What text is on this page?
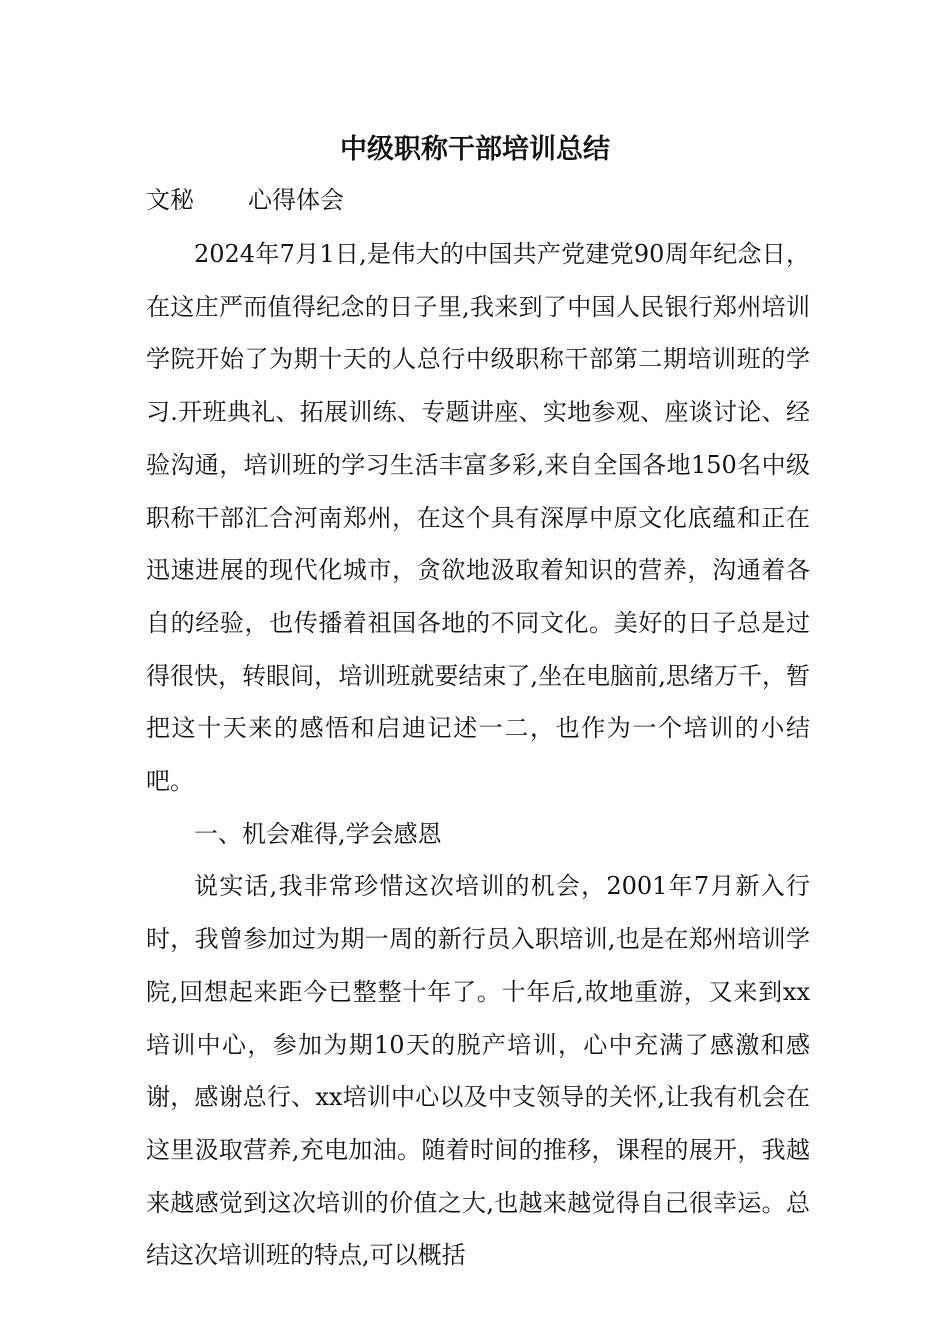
中级职称干部培训总结
文秘 心得体会

2024年7月1日,是伟大的中国共产党建党90周年纪念日，在这庄严而值得纪念的日子里,我来到了中国人民银行郑州培训学院开始了为期十天的人总行中级职称干部第二期培训班的学习.开班典礼、拓展训练、专题讲座、实地参观、座谈讨论、经验沟通，培训班的学习生活丰富多彩,来自全国各地150名中级职称干部汇合河南郑州，在这个具有深厚中原文化底蕴和正在迅速进展的现代化城市，贪欲地汲取着知识的营养，沟通着各自的经验，也传播着祖国各地的不同文化。美好的日子总是过得很快，转眼间，培训班就要结束了,坐在电脑前,思绪万千，暂把这十天来的感悟和启迪记述一二，也作为一个培训的小结吧。

一、机会难得,学会感恩

说实话,我非常珍惜这次培训的机会，2001年7月新入行时，我曾参加过为期一周的新行员入职培训,也是在郑州培训学院,回想起来距今已整整十年了。十年后,故地重游，又来到xx培训中心，参加为期10天的脱产培训，心中充满了感激和感谢，感谢总行、xx培训中心以及中支领导的关怀,让我有机会在这里汲取营养,充电加油。随着时间的推移，课程的展开，我越来越感觉到这次培训的价值之大,也越来越觉得自己很幸运。总结这次培训班的特点,可以概括
